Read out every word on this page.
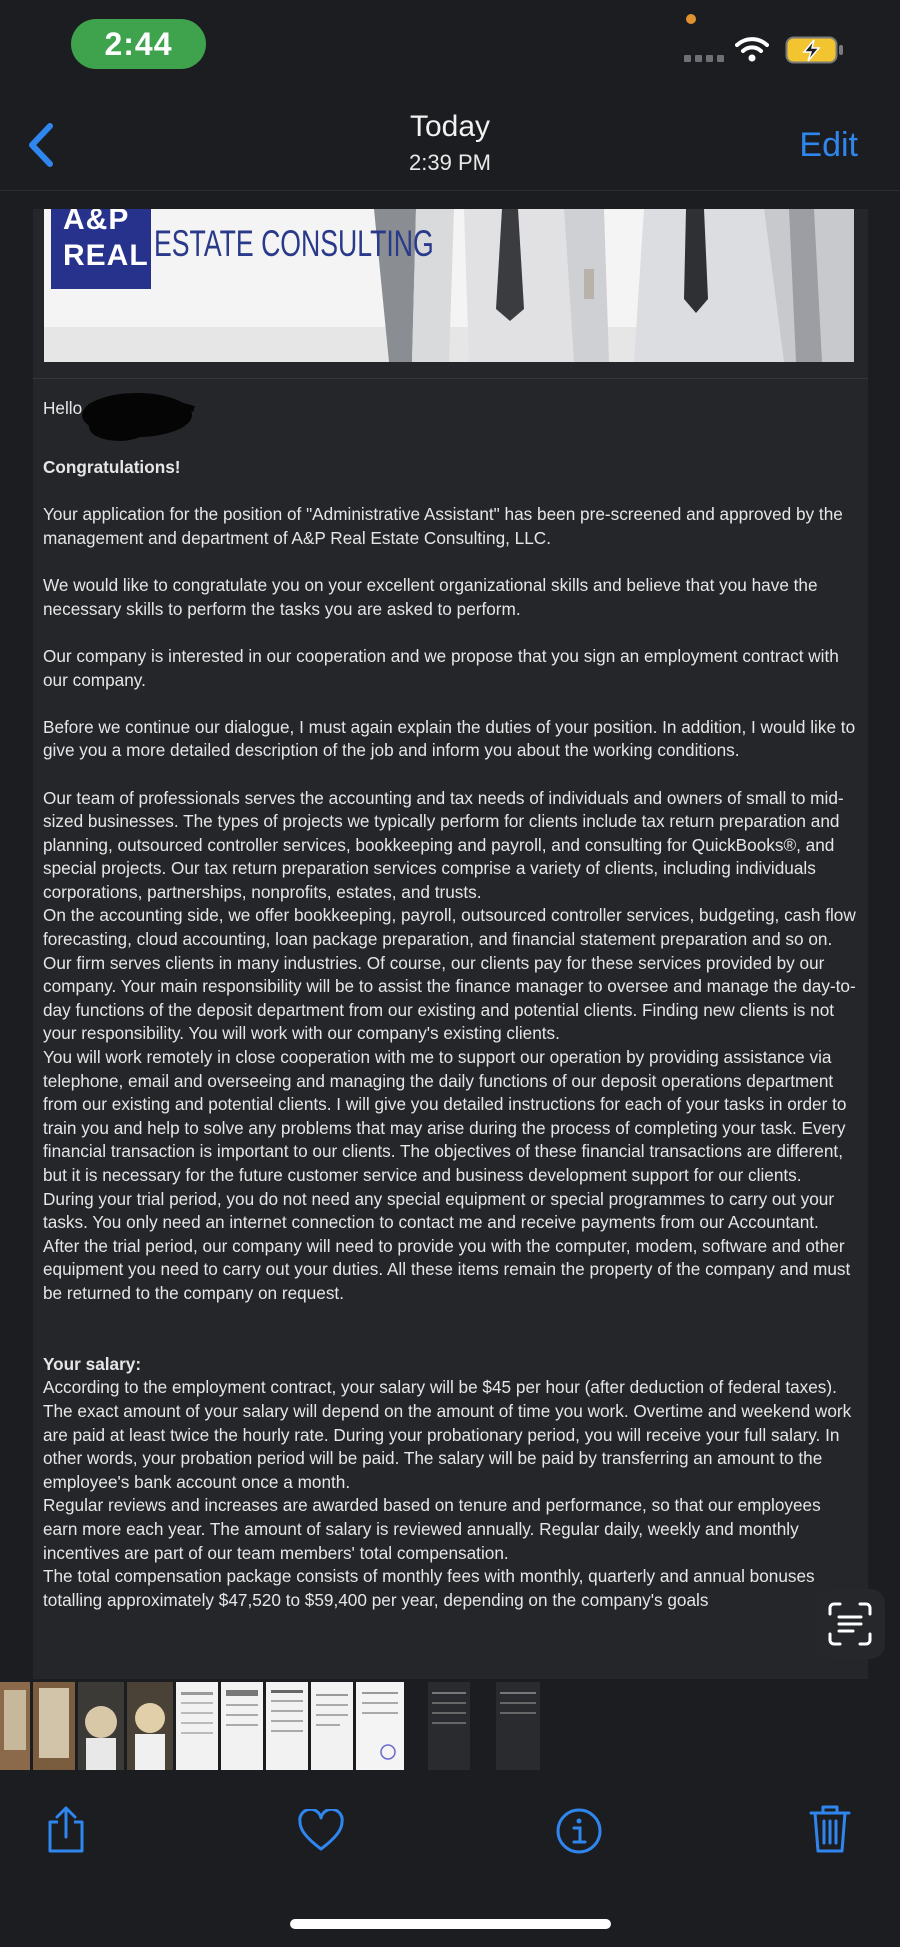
2:44
Today
2:39 PM	Edit
A&P
REAL ESTATE CONSULTING
Hello

Congratulations!

Your application for the position of "Administrative Assistant" has been pre-screened and approved by the management and department of A&P Real Estate Consulting, LLC.

We would like to congratulate you on your excellent organizational skills and believe that you have the necessary skills to perform the tasks you are asked to perform.

Our company is interested in our cooperation and we propose that you sign an employment contract with our company.

Before we continue our dialogue, I must again explain the duties of your position. In addition, I would like to give you a more detailed description of the job and inform you about the working conditions.

Our team of professionals serves the accounting and tax needs of individuals and owners of small to mid-sized businesses. The types of projects we typically perform for clients include tax return preparation and planning, outsourced controller services, bookkeeping and payroll, and consulting for QuickBooks®, and special projects. Our tax return preparation services comprise a variety of clients, including individuals corporations, partnerships, nonprofits, estates, and trusts.

On the accounting side, we offer bookkeeping, payroll, outsourced controller services, budgeting, cash flow forecasting, cloud accounting, loan package preparation, and financial statement preparation and so on. Our firm serves clients in many industries. Of course, our clients pay for these services provided by our company. Your main responsibility will be to assist the finance manager to oversee and manage the day-to-day functions of the deposit department from our existing and potential clients. Finding new clients is not your responsibility. You will work with our company's existing clients.

You will work remotely in close cooperation with me to support our operation by providing assistance via telephone, email and overseeing and managing the daily functions of our deposit operations department from our existing and potential clients. I will give you detailed instructions for each of your tasks in order to train you and help to solve any problems that may arise during the process of completing your task. Every financial transaction is important to our clients. The objectives of these financial transactions are different, but it is necessary for the future customer service and business development support for our clients.

During your trial period, you do not need any special equipment or special programmes to carry out your tasks. You only need an internet connection to contact me and receive payments from our Accountant. After the trial period, our company will need to provide you with the computer, modem, software and other equipment you need to carry out your duties. All these items remain the property of the company and must be returned to the company on request.

Your salary:

According to the employment contract, your salary will be $45 per hour (after deduction of federal taxes). The exact amount of your salary will depend on the amount of time you work. Overtime and weekend work are paid at least twice the hourly rate. During your probationary period, you will receive your full salary. In other words, your probation period will be paid. The salary will be paid by transferring an amount to the employee's bank account once a month.

Regular reviews and increases are awarded based on tenure and performance, so that our employees earn more each year. The amount of salary is reviewed annually. Regular daily, weekly and monthly incentives are part of our team members' total compensation.

The total compensation package consists of monthly fees with monthly, quarterly and annual bonuses totalling approximately $47,520 to $59,400 per year, depending on the company's goals
